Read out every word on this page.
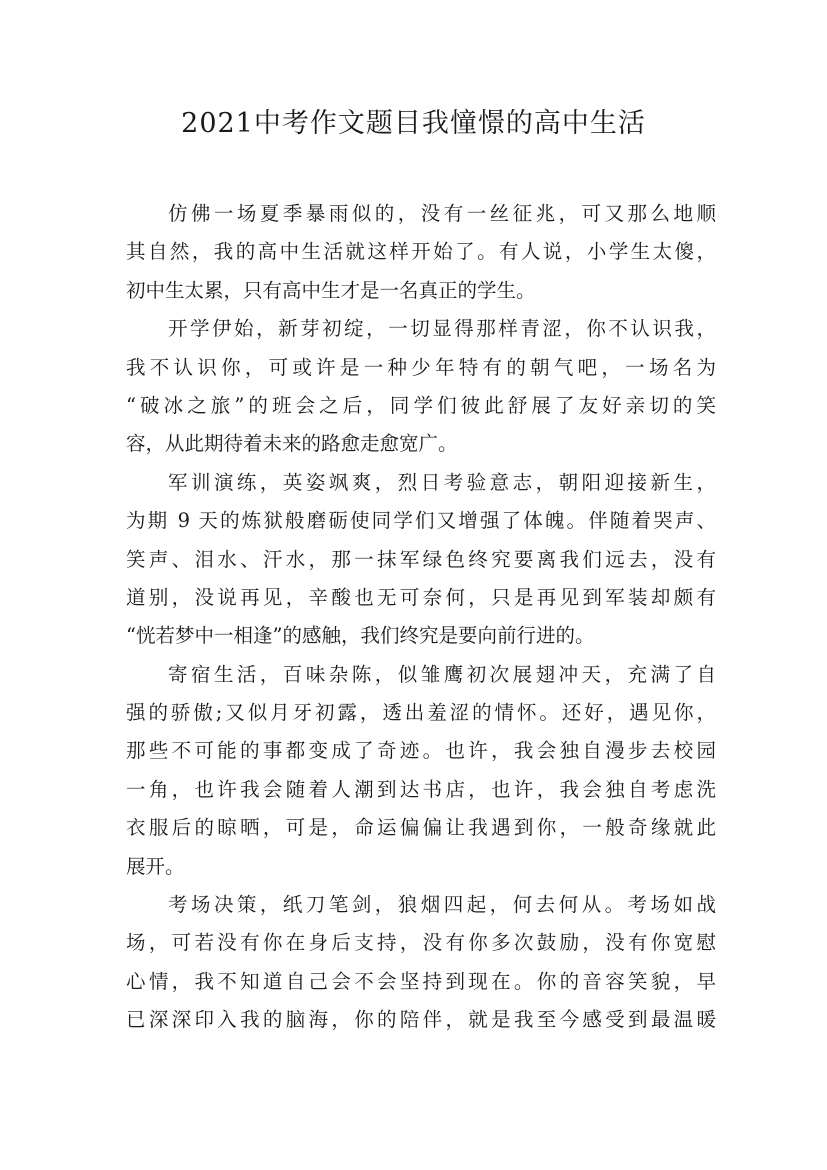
2021中考作文题目我憧憬的高中生活
仿佛一场夏季暴雨似的，没有一丝征兆，可又那么地顺
其自然，我的高中生活就这样开始了。有人说，小学生太傻，
初中生太累，只有高中生才是一名真正的学生。
开学伊始，新芽初绽，一切显得那样青涩，你不认识我，
我不认识你，可或许是一种少年特有的朝气吧，一场名为
“破冰之旅”的班会之后，同学们彼此舒展了友好亲切的笑
容，从此期待着未来的路愈走愈宽广。
军训演练，英姿飒爽，烈日考验意志，朝阳迎接新生，
为期 9 天的炼狱般磨砺使同学们又增强了体魄。伴随着哭声、
笑声、泪水、汗水，那一抹军绿色终究要离我们远去，没有
道别，没说再见，辛酸也无可奈何，只是再见到军装却颇有
“恍若梦中一相逢”的感触，我们终究是要向前行进的。
寄宿生活，百味杂陈，似雏鹰初次展翅冲天，充满了自
强的骄傲;又似月牙初露，透出羞涩的情怀。还好，遇见你，
那些不可能的事都变成了奇迹。也许，我会独自漫步去校园
一角，也许我会随着人潮到达书店，也许，我会独自考虑洗
衣服后的晾晒，可是，命运偏偏让我遇到你，一般奇缘就此
展开。
考场决策，纸刀笔剑，狼烟四起，何去何从。考场如战
场，可若没有你在身后支持，没有你多次鼓励，没有你宽慰
心情，我不知道自己会不会坚持到现在。你的音容笑貌，早
已深深印入我的脑海，你的陪伴，就是我至今感受到最温暖
